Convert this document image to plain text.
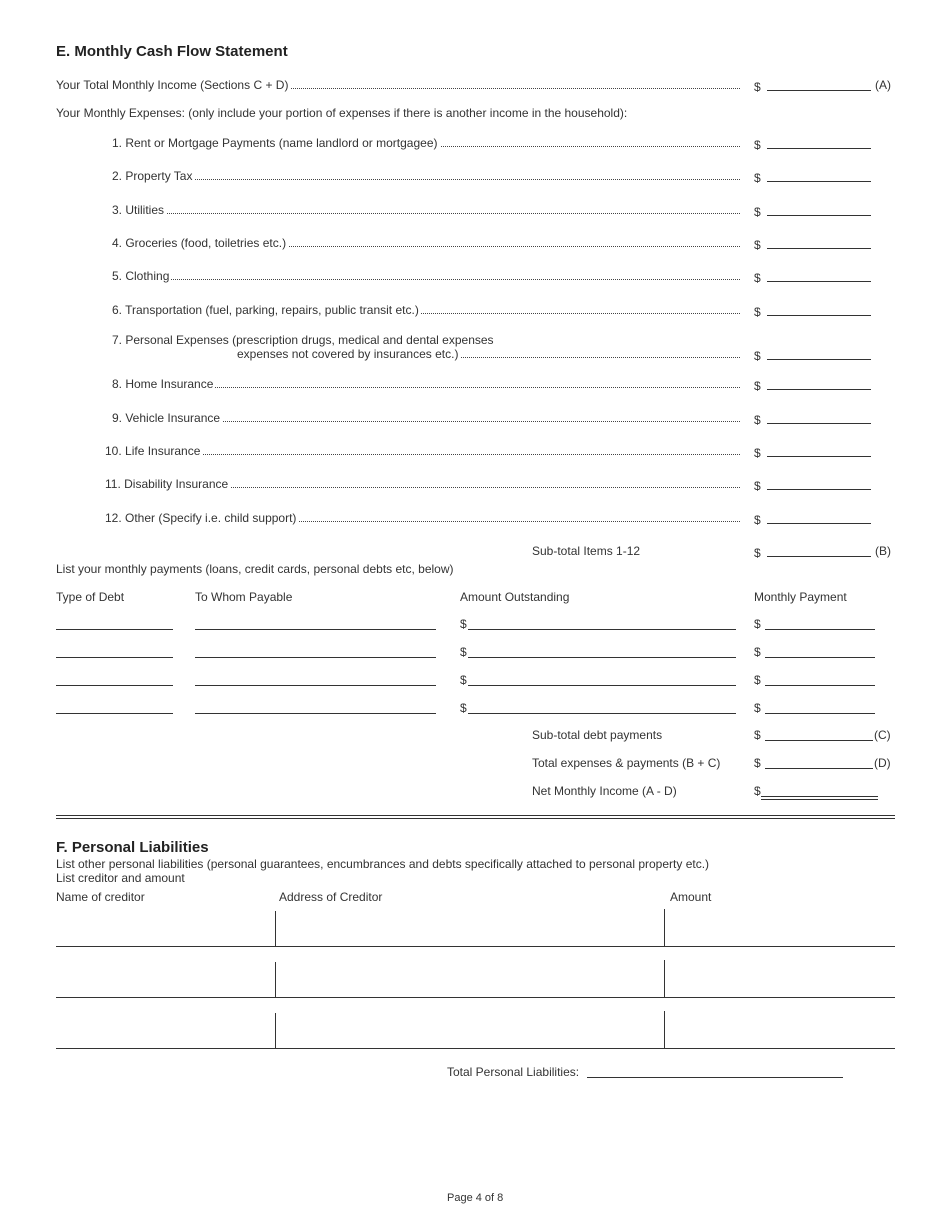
E. Monthly Cash Flow Statement
Your Total Monthly Income (Sections C + D)	$	(A)
Your Monthly Expenses: (only include your portion of expenses if there is another income in the household):
1. Rent or Mortgage Payments (name landlord or mortgagee)	$
2. Property Tax	$
3. Utilities	$
4. Groceries (food, toiletries etc.)	$
5. Clothing	$
6. Transportation (fuel, parking, repairs, public transit etc.)	$
7. Personal Expenses (prescription drugs, medical and dental expenses
expenses not covered by insurances etc.)	$
8. Home Insurance	$
9. Vehicle Insurance	$
10. Life Insurance	$
11. Disability Insurance	$
12. Other (Specify i.e. child support)	$
Sub-total Items 1-12	$	(B)
List your monthly payments (loans, credit cards, personal debts etc, below)
Type of Debt	To Whom Payable	Amount Outstanding	Monthly Payment
$	$
$	$
$	$
$	$
Sub-total debt payments	$	(C)
Total expenses & payments (B + C)	$	(D)
Net Monthly Income (A - D)	$
F. Personal Liabilities
List other personal liabilities (personal guarantees, encumbrances and debts specifically attached to personal property etc.)
List creditor and amount
Name of creditor	Address of Creditor	Amount
Total Personal Liabilities:
Page 4 of 8
